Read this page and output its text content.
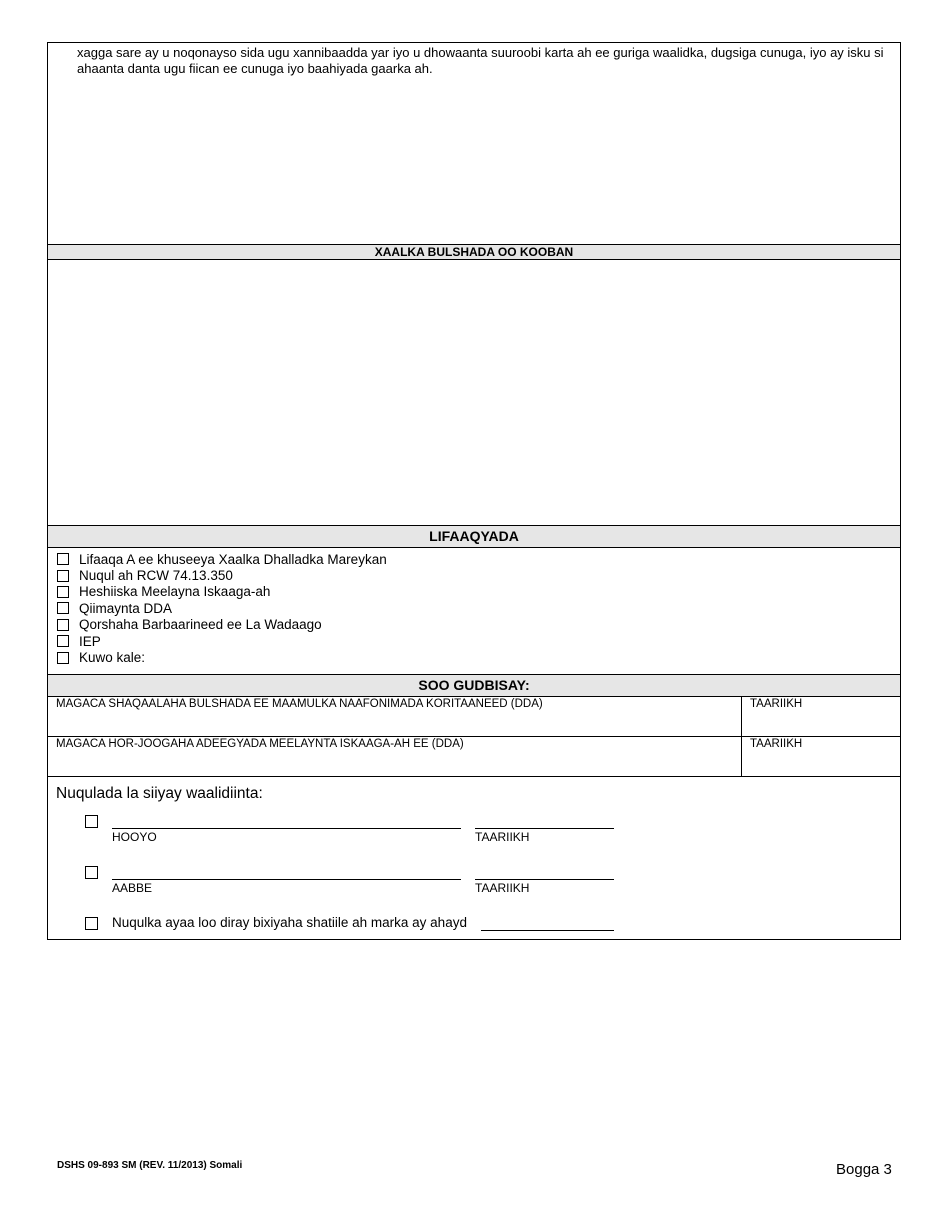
xagga sare ay u noqonayso sida ugu xannibaadda yar iyo u dhowaanta suuroobi karta ah ee guriga waalidka, dugsiga cunuga, iyo ay isku si ahaanta danta ugu fiican ee cunuga iyo baahiyada gaarka ah.
XAALKA BULSHADA OO KOOBAN
LIFAAQYADA
Lifaaqa A ee khuseeya Xaalka Dhalladka Mareykan
Nuqul ah RCW 74.13.350
Heshiiska Meelayna Iskaaga-ah
Qiimaynta DDA
Qorshaha Barbaarineed ee La Wadaago
IEP
Kuwo kale:
SOO GUDBISAY:
MAGACA SHAQAALAHA BULSHADA EE MAAMULKA NAAFONIMADA KORITAANEED (DDA)	TAARIIKH
MAGACA HOR-JOOGAHA ADEEGYADA MEELAYNTA ISKAAGA-AH EE (DDA)	TAARIIKH
Nuqulada la siiyay waalidiinta:
HOOYO	TAARIIKH
AABBE	TAARIIKH
Nuqulka ayaa loo diray bixiyaha shatiile ah marka ay ahayd
DSHS 09-893 SM (REV. 11/2013) Somali	Bogga 3
